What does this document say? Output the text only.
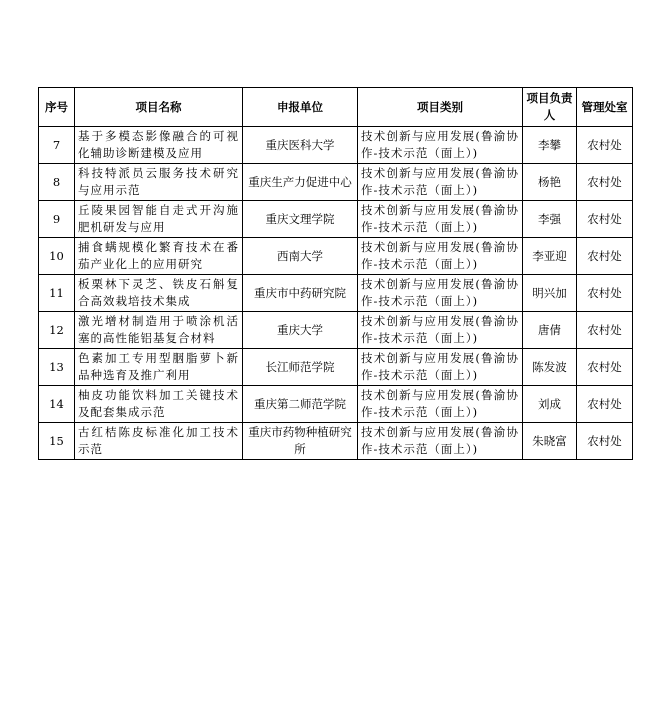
序号	项目名称	申报单位	项目类别	项目负责人	管理处室
7	基于多模态影像融合的可视化辅助诊断建模及应用	重庆医科大学	技术创新与应用发展(鲁渝协作-技术示范（面上）)	李攀	农村处
8	科技特派员云服务技术研究与应用示范	重庆生产力促进中心	技术创新与应用发展(鲁渝协作-技术示范（面上）)	杨艳	农村处
9	丘陵果园智能自走式开沟施肥机研发与应用	重庆文理学院	技术创新与应用发展(鲁渝协作-技术示范（面上）)	李强	农村处
10	捕食螨规模化繁育技术在番茄产业化上的应用研究	西南大学	技术创新与应用发展(鲁渝协作-技术示范（面上）)	李亚迎	农村处
11	板栗林下灵芝、铁皮石斛复合高效栽培技术集成	重庆市中药研究院	技术创新与应用发展(鲁渝协作-技术示范（面上）)	明兴加	农村处
12	激光增材制造用于喷涂机活塞的高性能铝基复合材料	重庆大学	技术创新与应用发展(鲁渝协作-技术示范（面上）)	唐倩	农村处
13	色素加工专用型胭脂萝卜新品种选育及推广利用	长江师范学院	技术创新与应用发展(鲁渝协作-技术示范（面上）)	陈发波	农村处
14	柚皮功能饮料加工关键技术及配套集成示范	重庆第二师范学院	技术创新与应用发展(鲁渝协作-技术示范（面上）)	刘成	农村处
15	古红桔陈皮标准化加工技术示范	重庆市药物种植研究所	技术创新与应用发展(鲁渝协作-技术示范（面上）)	朱晓富	农村处
